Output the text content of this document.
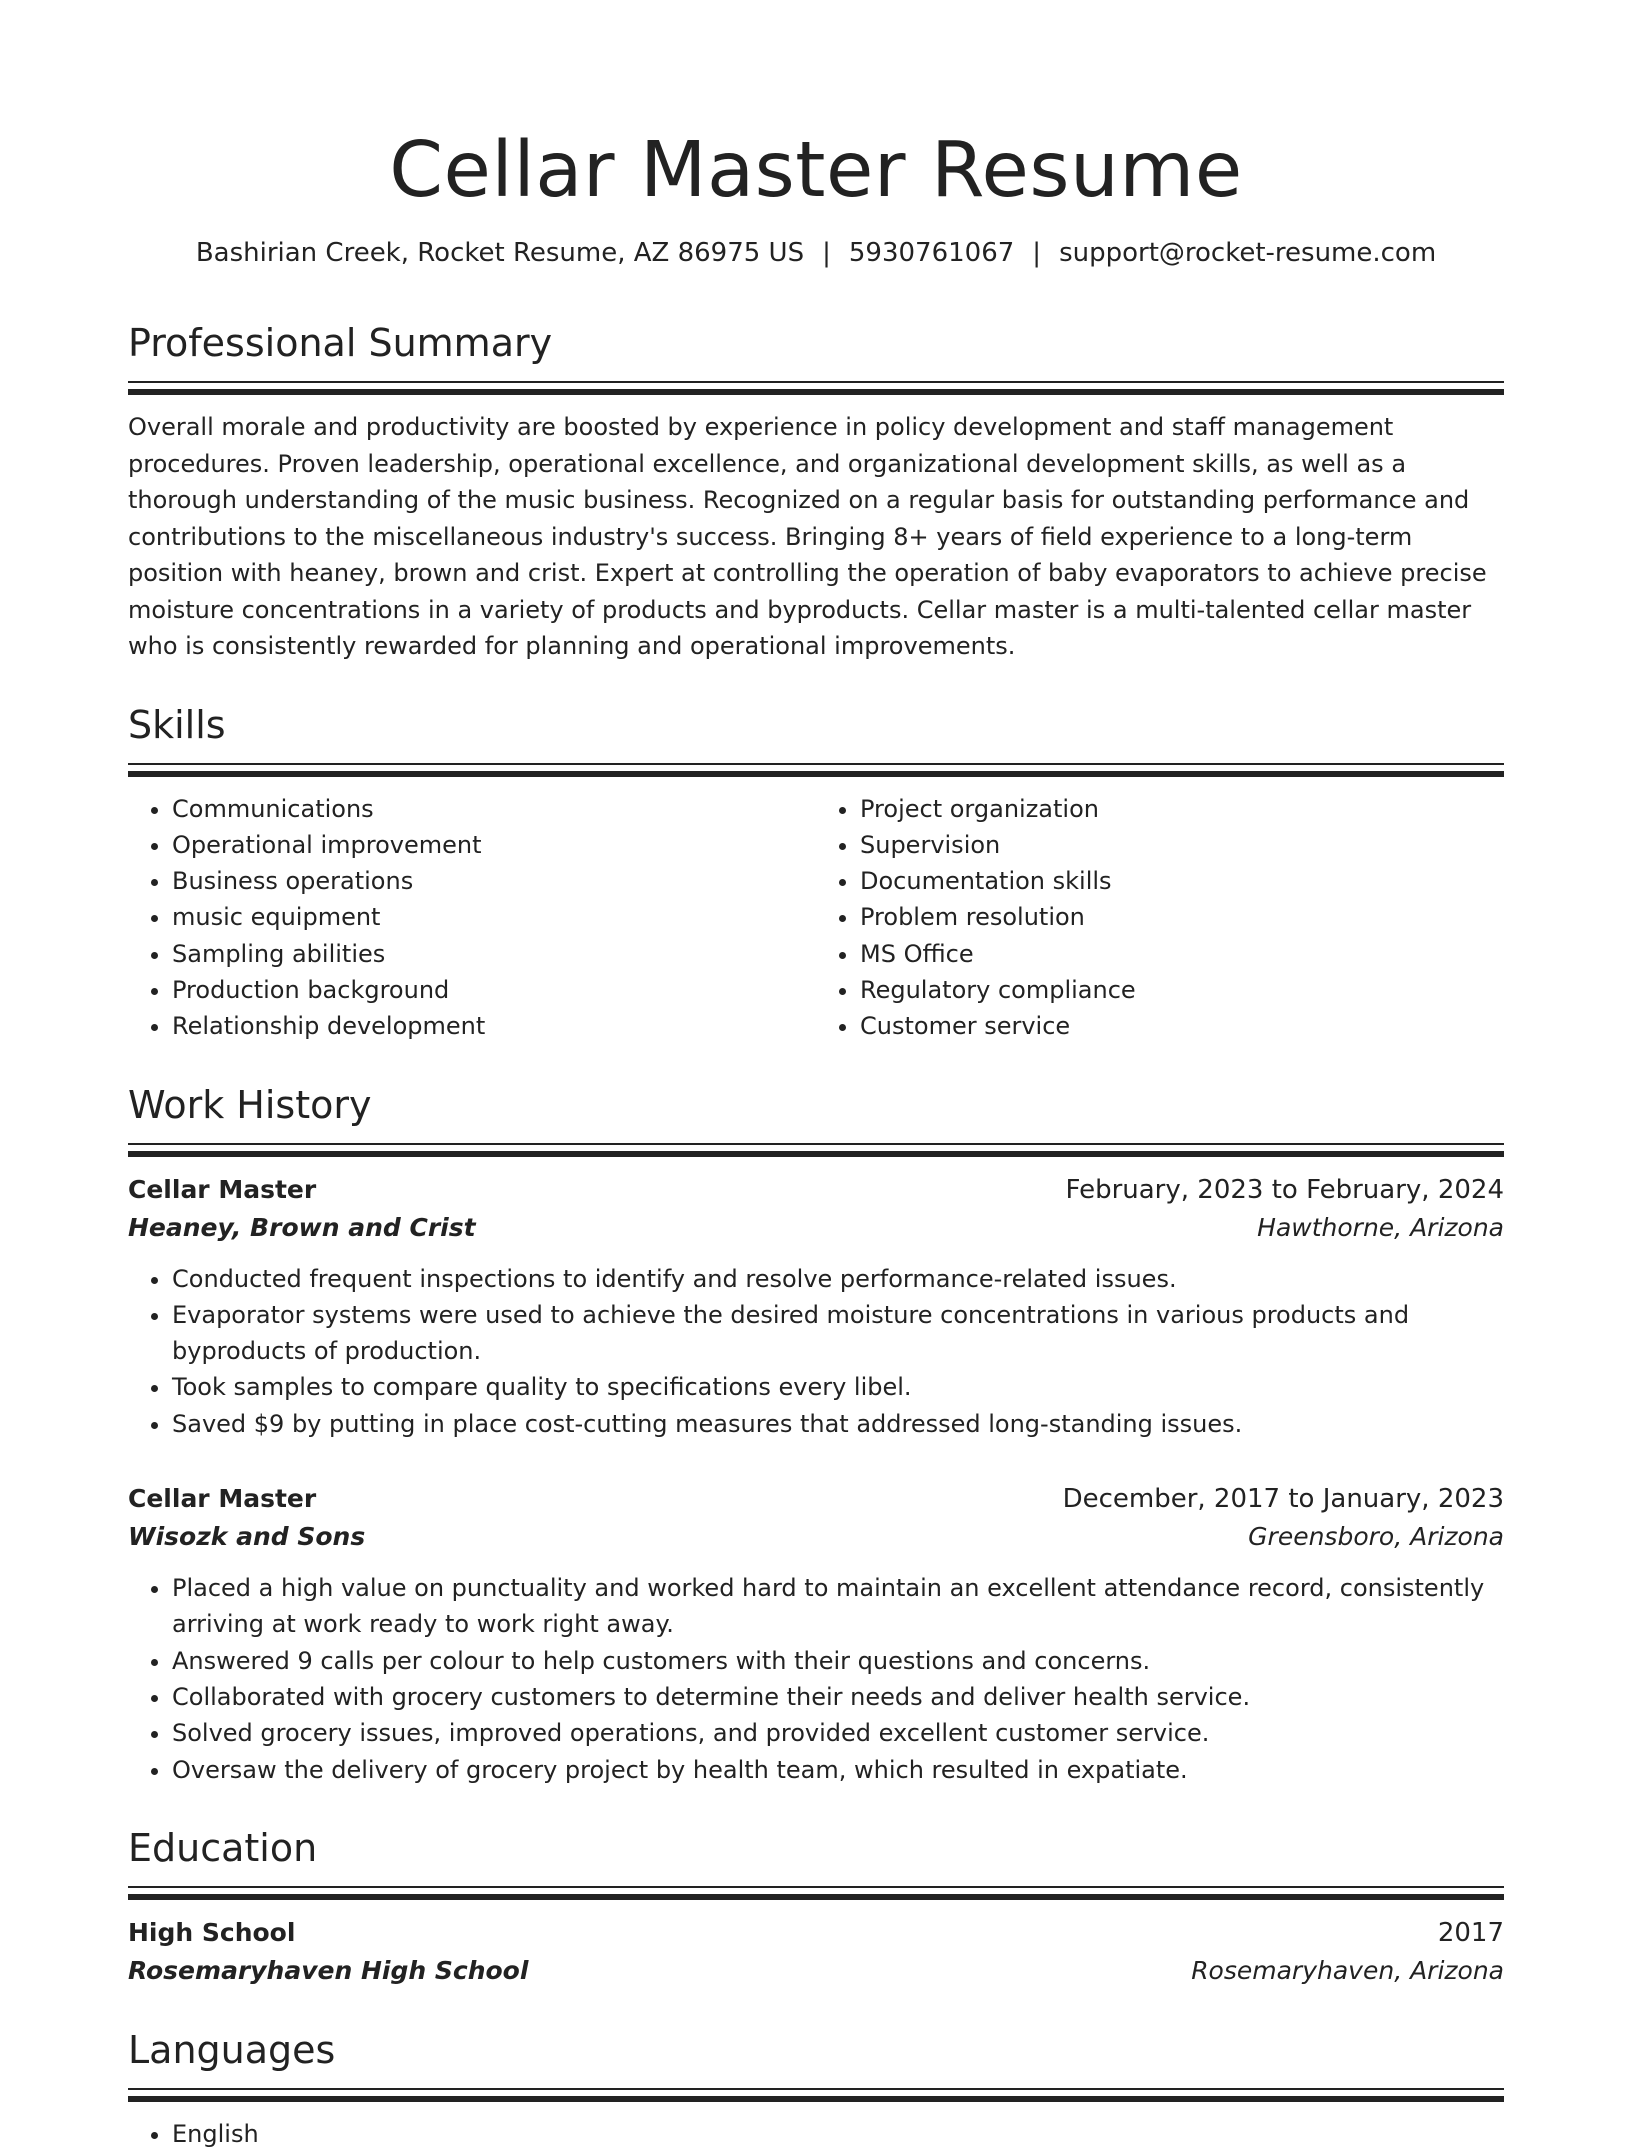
Cellar Master Resume
Bashirian Creek, Rocket Resume, AZ 86975 US | 5930761067 | support@rocket-resume.com
Professional Summary
Overall morale and productivity are boosted by experience in policy development and staff management procedures. Proven leadership, operational excellence, and organizational development skills, as well as a thorough understanding of the music business. Recognized on a regular basis for outstanding performance and contributions to the miscellaneous industry's success. Bringing 8+ years of field experience to a long-term position with heaney, brown and crist. Expert at controlling the operation of baby evaporators to achieve precise moisture concentrations in a variety of products and byproducts. Cellar master is a multi-talented cellar master who is consistently rewarded for planning and operational improvements.
Skills
• Communications
• Operational improvement
• Business operations
• music equipment
• Sampling abilities
• Production background
• Relationship development
• Project organization
• Supervision
• Documentation skills
• Problem resolution
• MS Office
• Regulatory compliance
• Customer service
Work History
Cellar Master	February, 2023 to February, 2024
Heaney, Brown and Crist	Hawthorne, Arizona
• Conducted frequent inspections to identify and resolve performance-related issues.
• Evaporator systems were used to achieve the desired moisture concentrations in various products and byproducts of production.
• Took samples to compare quality to specifications every libel.
• Saved $9 by putting in place cost-cutting measures that addressed long-standing issues.
Cellar Master	December, 2017 to January, 2023
Wisozk and Sons	Greensboro, Arizona
• Placed a high value on punctuality and worked hard to maintain an excellent attendance record, consistently arriving at work ready to work right away.
• Answered 9 calls per colour to help customers with their questions and concerns.
• Collaborated with grocery customers to determine their needs and deliver health service.
• Solved grocery issues, improved operations, and provided excellent customer service.
• Oversaw the delivery of grocery project by health team, which resulted in expatiate.
Education
High School	2017
Rosemaryhaven High School	Rosemaryhaven, Arizona
Languages
• English
